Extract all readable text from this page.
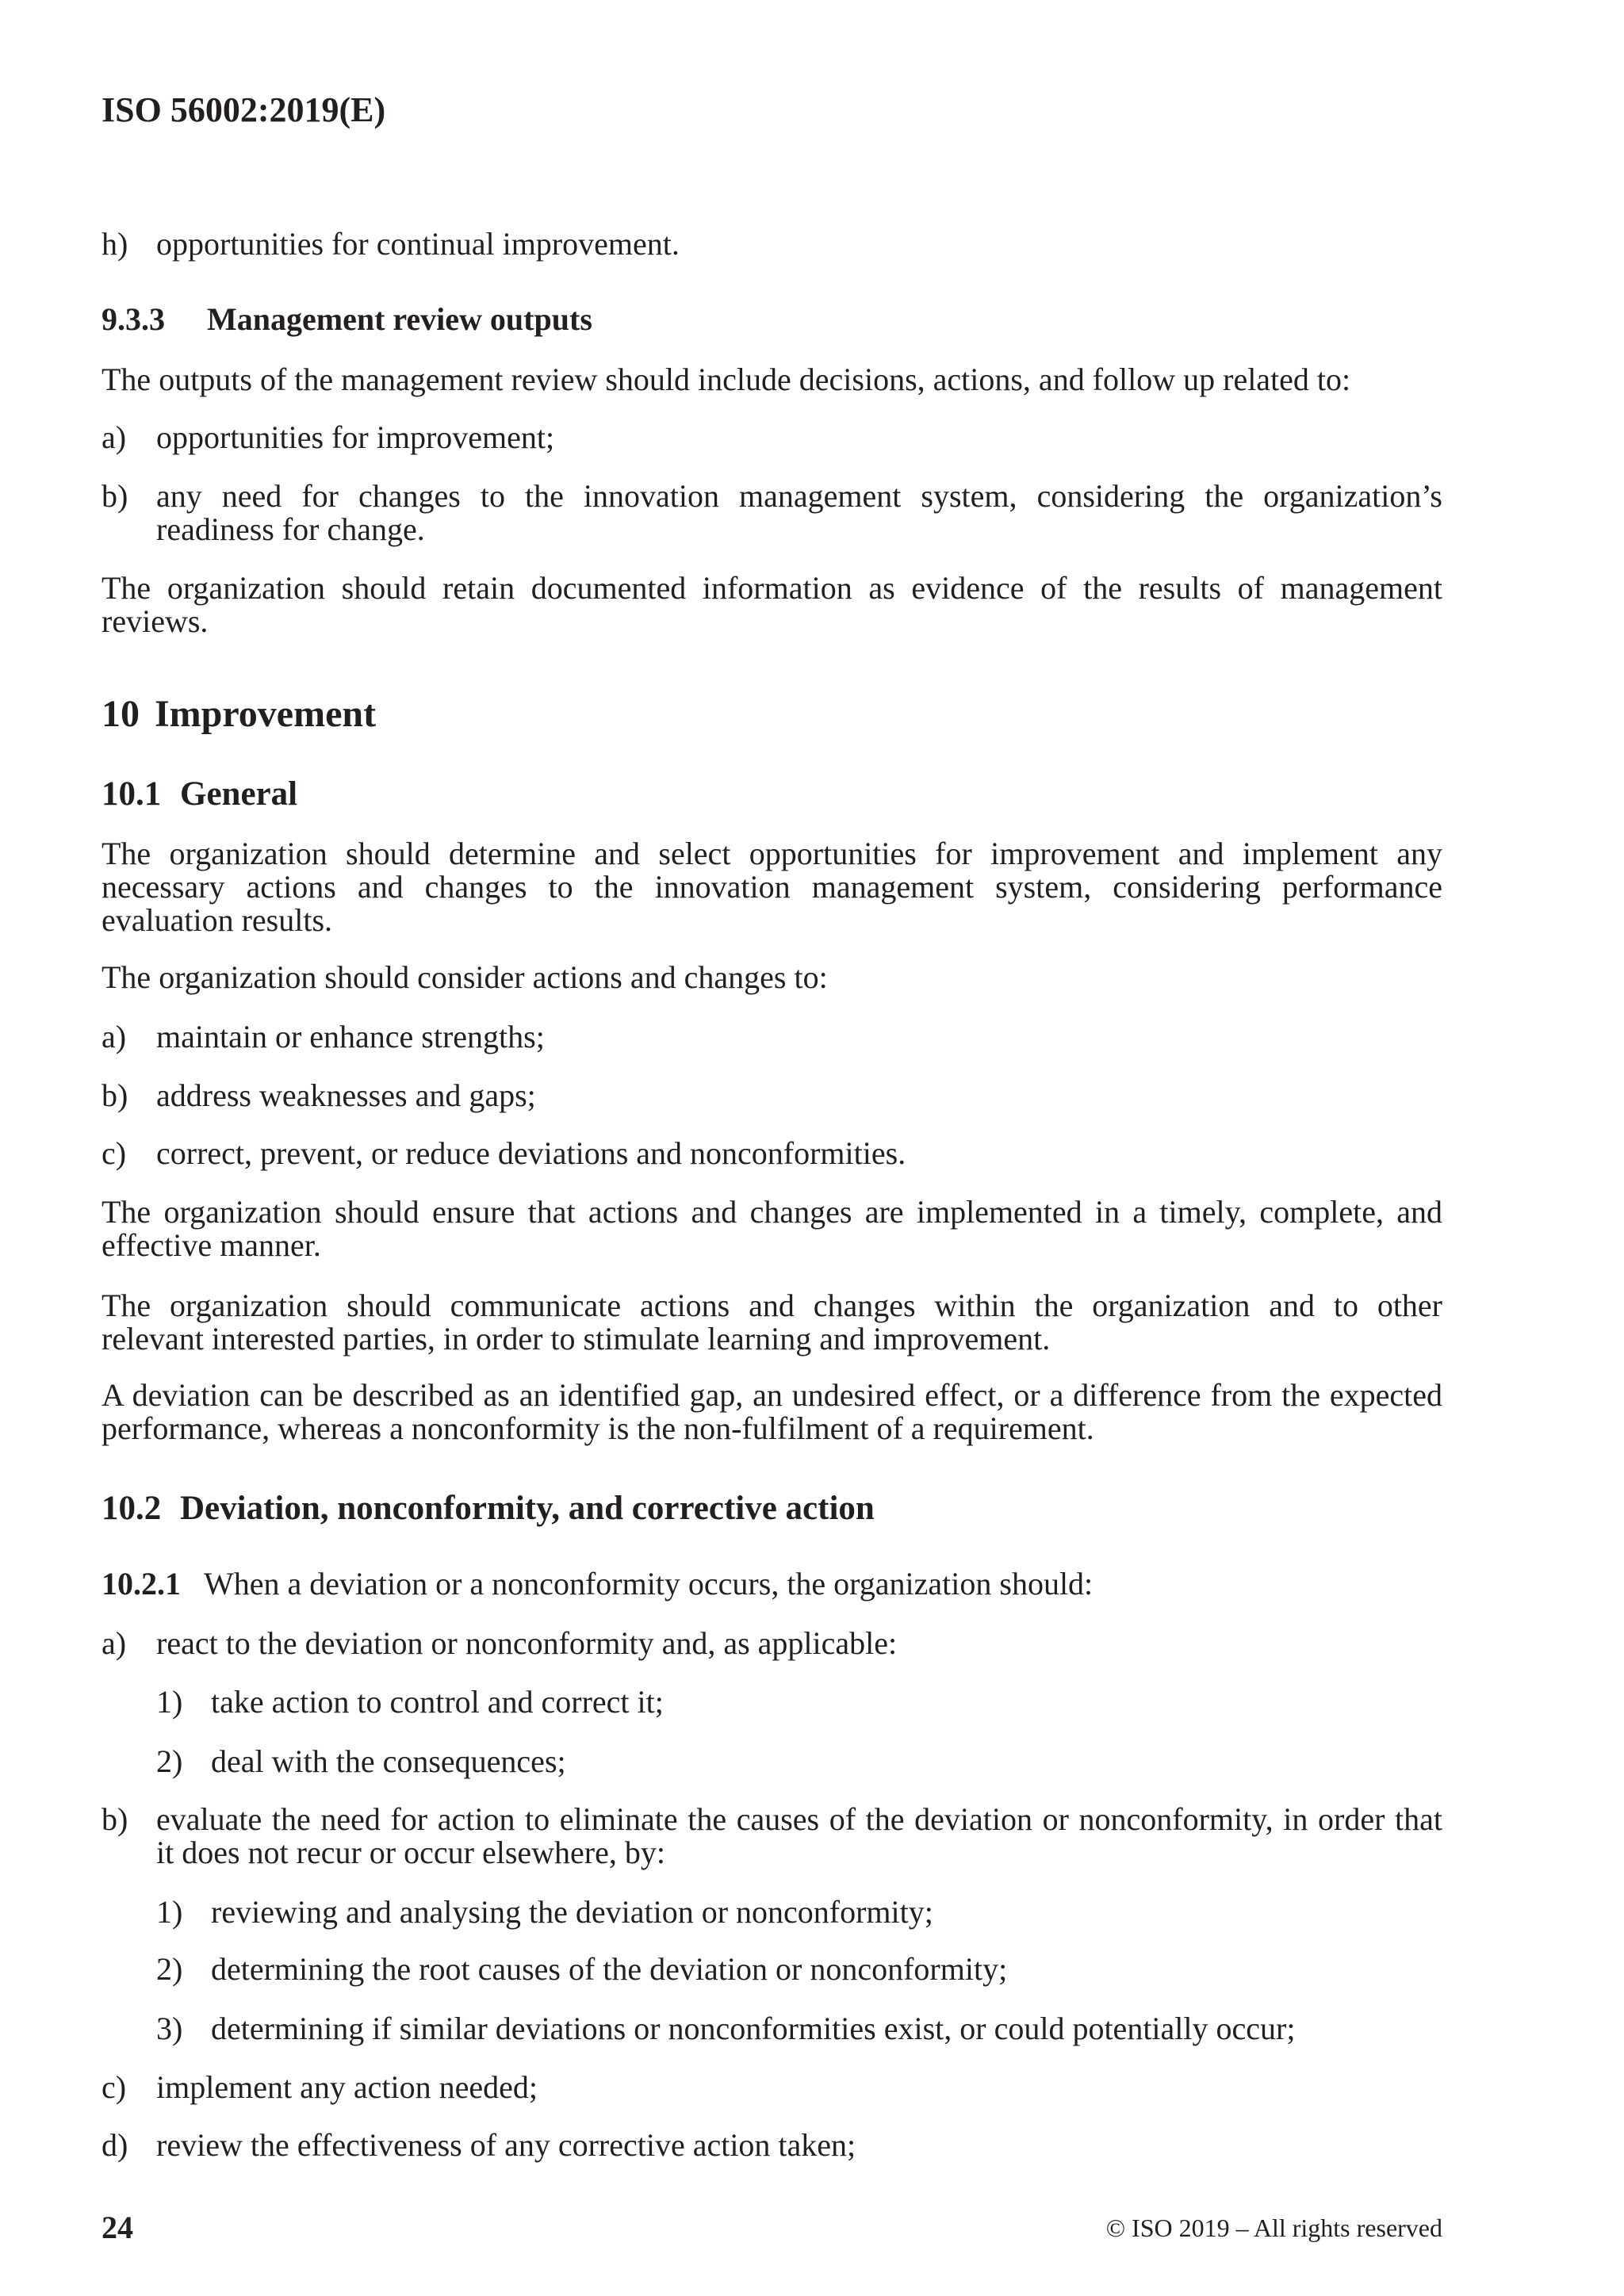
ISO 56002:2019(E)
h) opportunities for continual improvement.
9.3.3 Management review outputs
The outputs of the management review should include decisions, actions, and follow up related to:
a) opportunities for improvement;
b) any need for changes to the innovation management system, considering the organization’s
readiness for change.
The organization should retain documented information as evidence of the results of management
reviews.
10 Improvement
10.1 General
The organization should determine and select opportunities for improvement and implement any
necessary actions and changes to the innovation management system, considering performance
evaluation results.
The organization should consider actions and changes to:
a) maintain or enhance strengths;
b) address weaknesses and gaps;
c) correct, prevent, or reduce deviations and nonconformities.
The organization should ensure that actions and changes are implemented in a timely, complete, and
effective manner.
The organization should communicate actions and changes within the organization and to other
relevant interested parties, in order to stimulate learning and improvement.
A deviation can be described as an identified gap, an undesired effect, or a difference from the expected
performance, whereas a nonconformity is the non-fulfilment of a requirement.
10.2 Deviation, nonconformity, and corrective action
10.2.1 When a deviation or a nonconformity occurs, the organization should:
a) react to the deviation or nonconformity and, as applicable:
1) take action to control and correct it;
2) deal with the consequences;
b) evaluate the need for action to eliminate the causes of the deviation or nonconformity, in order that
it does not recur or occur elsewhere, by:
1) reviewing and analysing the deviation or nonconformity;
2) determining the root causes of the deviation or nonconformity;
3) determining if similar deviations or nonconformities exist, or could potentially occur;
c) implement any action needed;
d) review the effectiveness of any corrective action taken;
24	© ISO 2019 – All rights reserved
